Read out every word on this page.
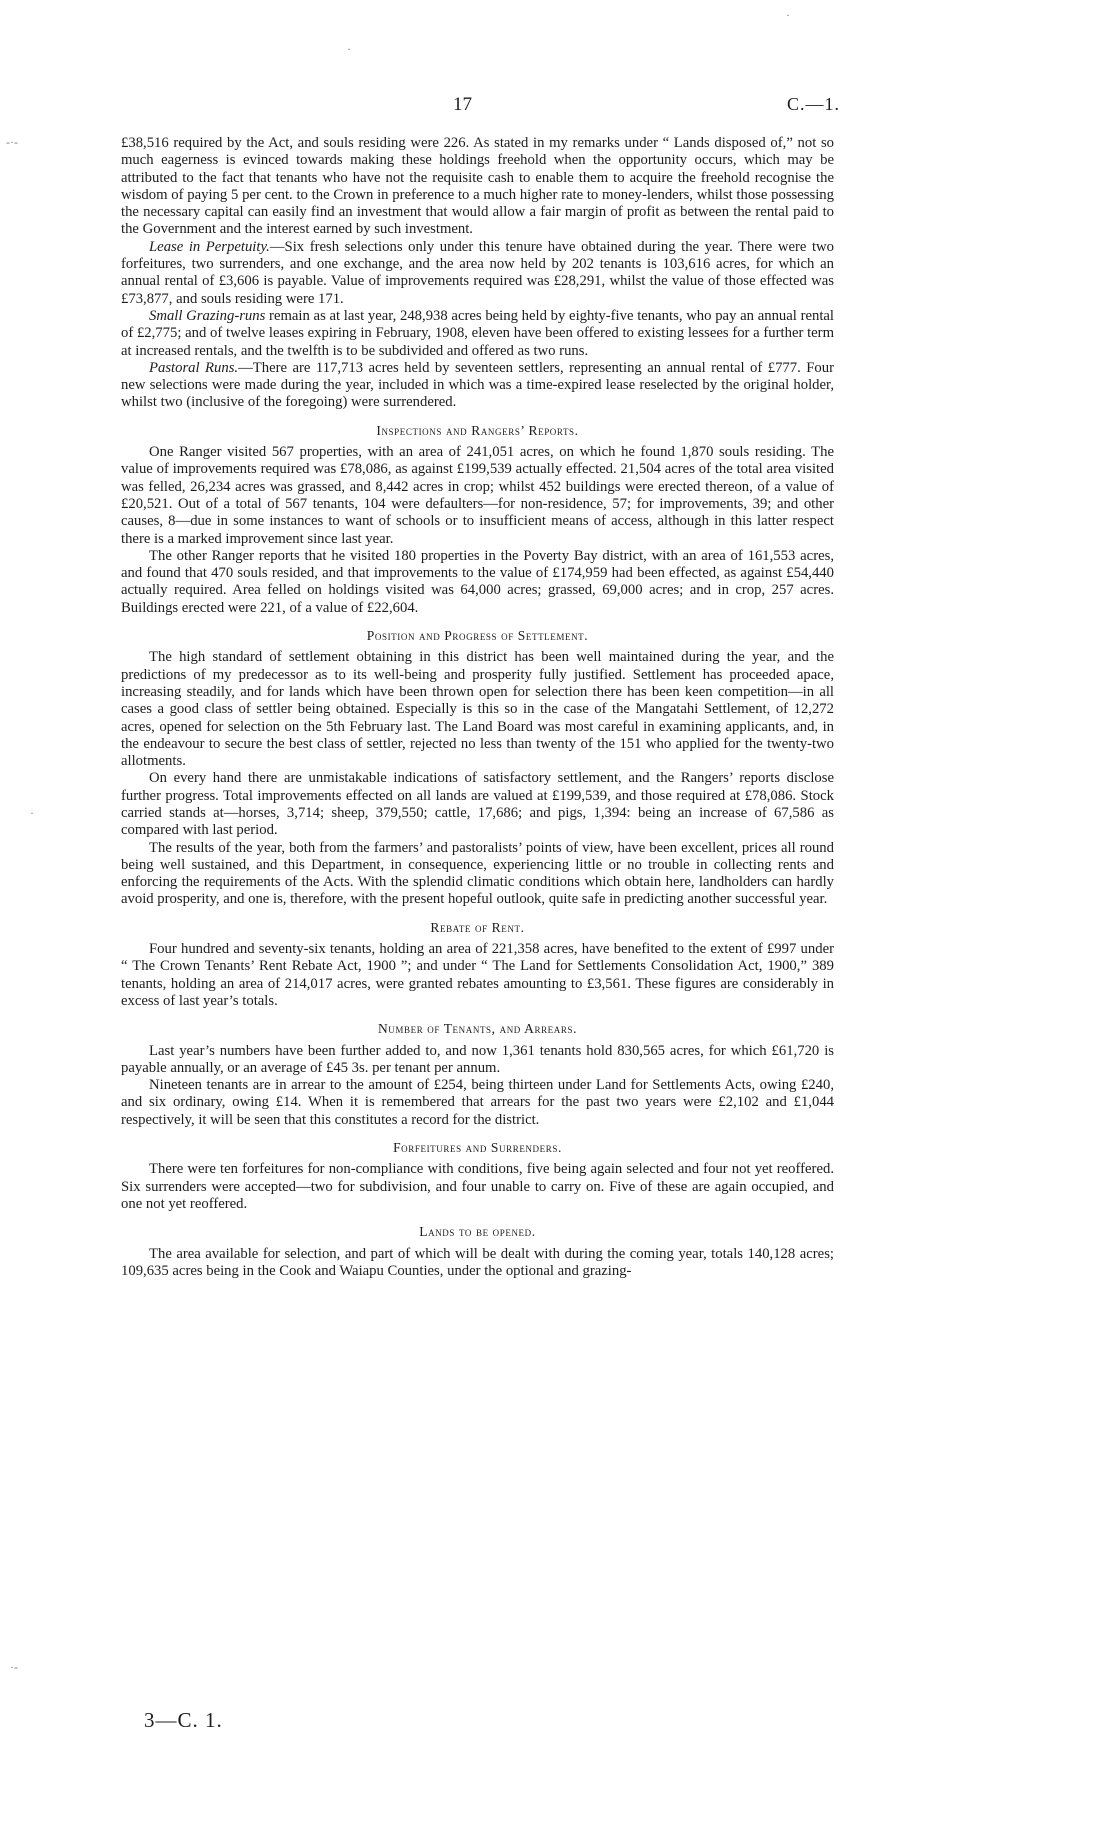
·
·
-·-
·
·-
17	C.—1.

£38,516 required by the Act, and souls residing were 226. As stated in my remarks under “ Lands disposed of,” not so much eagerness is evinced towards making these holdings freehold when the opportunity occurs, which may be attributed to the fact that tenants who have not the requisite cash to enable them to acquire the freehold recognise the wisdom of paying 5 per cent. to the Crown in preference to a much higher rate to money-lenders, whilst those possessing the necessary capital can easily find an investment that would allow a fair margin of profit as between the rental paid to the Government and the interest earned by such investment.

Lease in Perpetuity.—Six fresh selections only under this tenure have obtained during the year. There were two forfeitures, two surrenders, and one exchange, and the area now held by 202 tenants is 103,616 acres, for which an annual rental of £3,606 is payable. Value of improvements required was £28,291, whilst the value of those effected was £73,877, and souls residing were 171.

Small Grazing-runs remain as at last year, 248,938 acres being held by eighty-five tenants, who pay an annual rental of £2,775; and of twelve leases expiring in February, 1908, eleven have been offered to existing lessees for a further term at increased rentals, and the twelfth is to be subdivided and offered as two runs.

Pastoral Runs.—There are 117,713 acres held by seventeen settlers, representing an annual rental of £777. Four new selections were made during the year, included in which was a time-expired lease reselected by the original holder, whilst two (inclusive of the foregoing) were surrendered.

Inspections and Rangers’ Reports.

One Ranger visited 567 properties, with an area of 241,051 acres, on which he found 1,870 souls residing. The value of improvements required was £78,086, as against £199,539 actually effected. 21,504 acres of the total area visited was felled, 26,234 acres was grassed, and 8,442 acres in crop; whilst 452 buildings were erected thereon, of a value of £20,521. Out of a total of 567 tenants, 104 were defaulters—for non-residence, 57; for improvements, 39; and other causes, 8—due in some instances to want of schools or to insufficient means of access, although in this latter respect there is a marked improvement since last year.

The other Ranger reports that he visited 180 properties in the Poverty Bay district, with an area of 161,553 acres, and found that 470 souls resided, and that improvements to the value of £174,959 had been effected, as against £54,440 actually required. Area felled on holdings visited was 64,000 acres; grassed, 69,000 acres; and in crop, 257 acres. Buildings erected were 221, of a value of £22,604.

Position and Progress of Settlement.

The high standard of settlement obtaining in this district has been well maintained during the year, and the predictions of my predecessor as to its well-being and prosperity fully justified. Settlement has proceeded apace, increasing steadily, and for lands which have been thrown open for selection there has been keen competition—in all cases a good class of settler being obtained. Especially is this so in the case of the Mangatahi Settlement, of 12,272 acres, opened for selection on the 5th February last. The Land Board was most careful in examining applicants, and, in the endeavour to secure the best class of settler, rejected no less than twenty of the 151 who applied for the twenty-two allotments.

On every hand there are unmistakable indications of satisfactory settlement, and the Rangers’ reports disclose further progress. Total improvements effected on all lands are valued at £199,539, and those required at £78,086. Stock carried stands at—horses, 3,714; sheep, 379,550; cattle, 17,686; and pigs, 1,394: being an increase of 67,586 as compared with last period.

The results of the year, both from the farmers’ and pastoralists’ points of view, have been excellent, prices all round being well sustained, and this Department, in consequence, experiencing little or no trouble in collecting rents and enforcing the requirements of the Acts. With the splendid climatic conditions which obtain here, landholders can hardly avoid prosperity, and one is, therefore, with the present hopeful outlook, quite safe in predicting another successful year.

Rebate of Rent.

Four hundred and seventy-six tenants, holding an area of 221,358 acres, have benefited to the extent of £997 under “ The Crown Tenants’ Rent Rebate Act, 1900 ”; and under “ The Land for Settlements Consolidation Act, 1900,” 389 tenants, holding an area of 214,017 acres, were granted rebates amounting to £3,561. These figures are considerably in excess of last year’s totals.

Number of Tenants, and Arrears.

Last year’s numbers have been further added to, and now 1,361 tenants hold 830,565 acres, for which £61,720 is payable annually, or an average of £45 3s. per tenant per annum.

Nineteen tenants are in arrear to the amount of £254, being thirteen under Land for Settlements Acts, owing £240, and six ordinary, owing £14. When it is remembered that arrears for the past two years were £2,102 and £1,044 respectively, it will be seen that this constitutes a record for the district.

Forfeitures and Surrenders.

There were ten forfeitures for non-compliance with conditions, five being again selected and four not yet reoffered. Six surrenders were accepted—two for subdivision, and four unable to carry on. Five of these are again occupied, and one not yet reoffered.

Lands to be opened.

The area available for selection, and part of which will be dealt with during the coming year, totals 140,128 acres; 109,635 acres being in the Cook and Waiapu Counties, under the optional and grazing-

3—C. 1.
